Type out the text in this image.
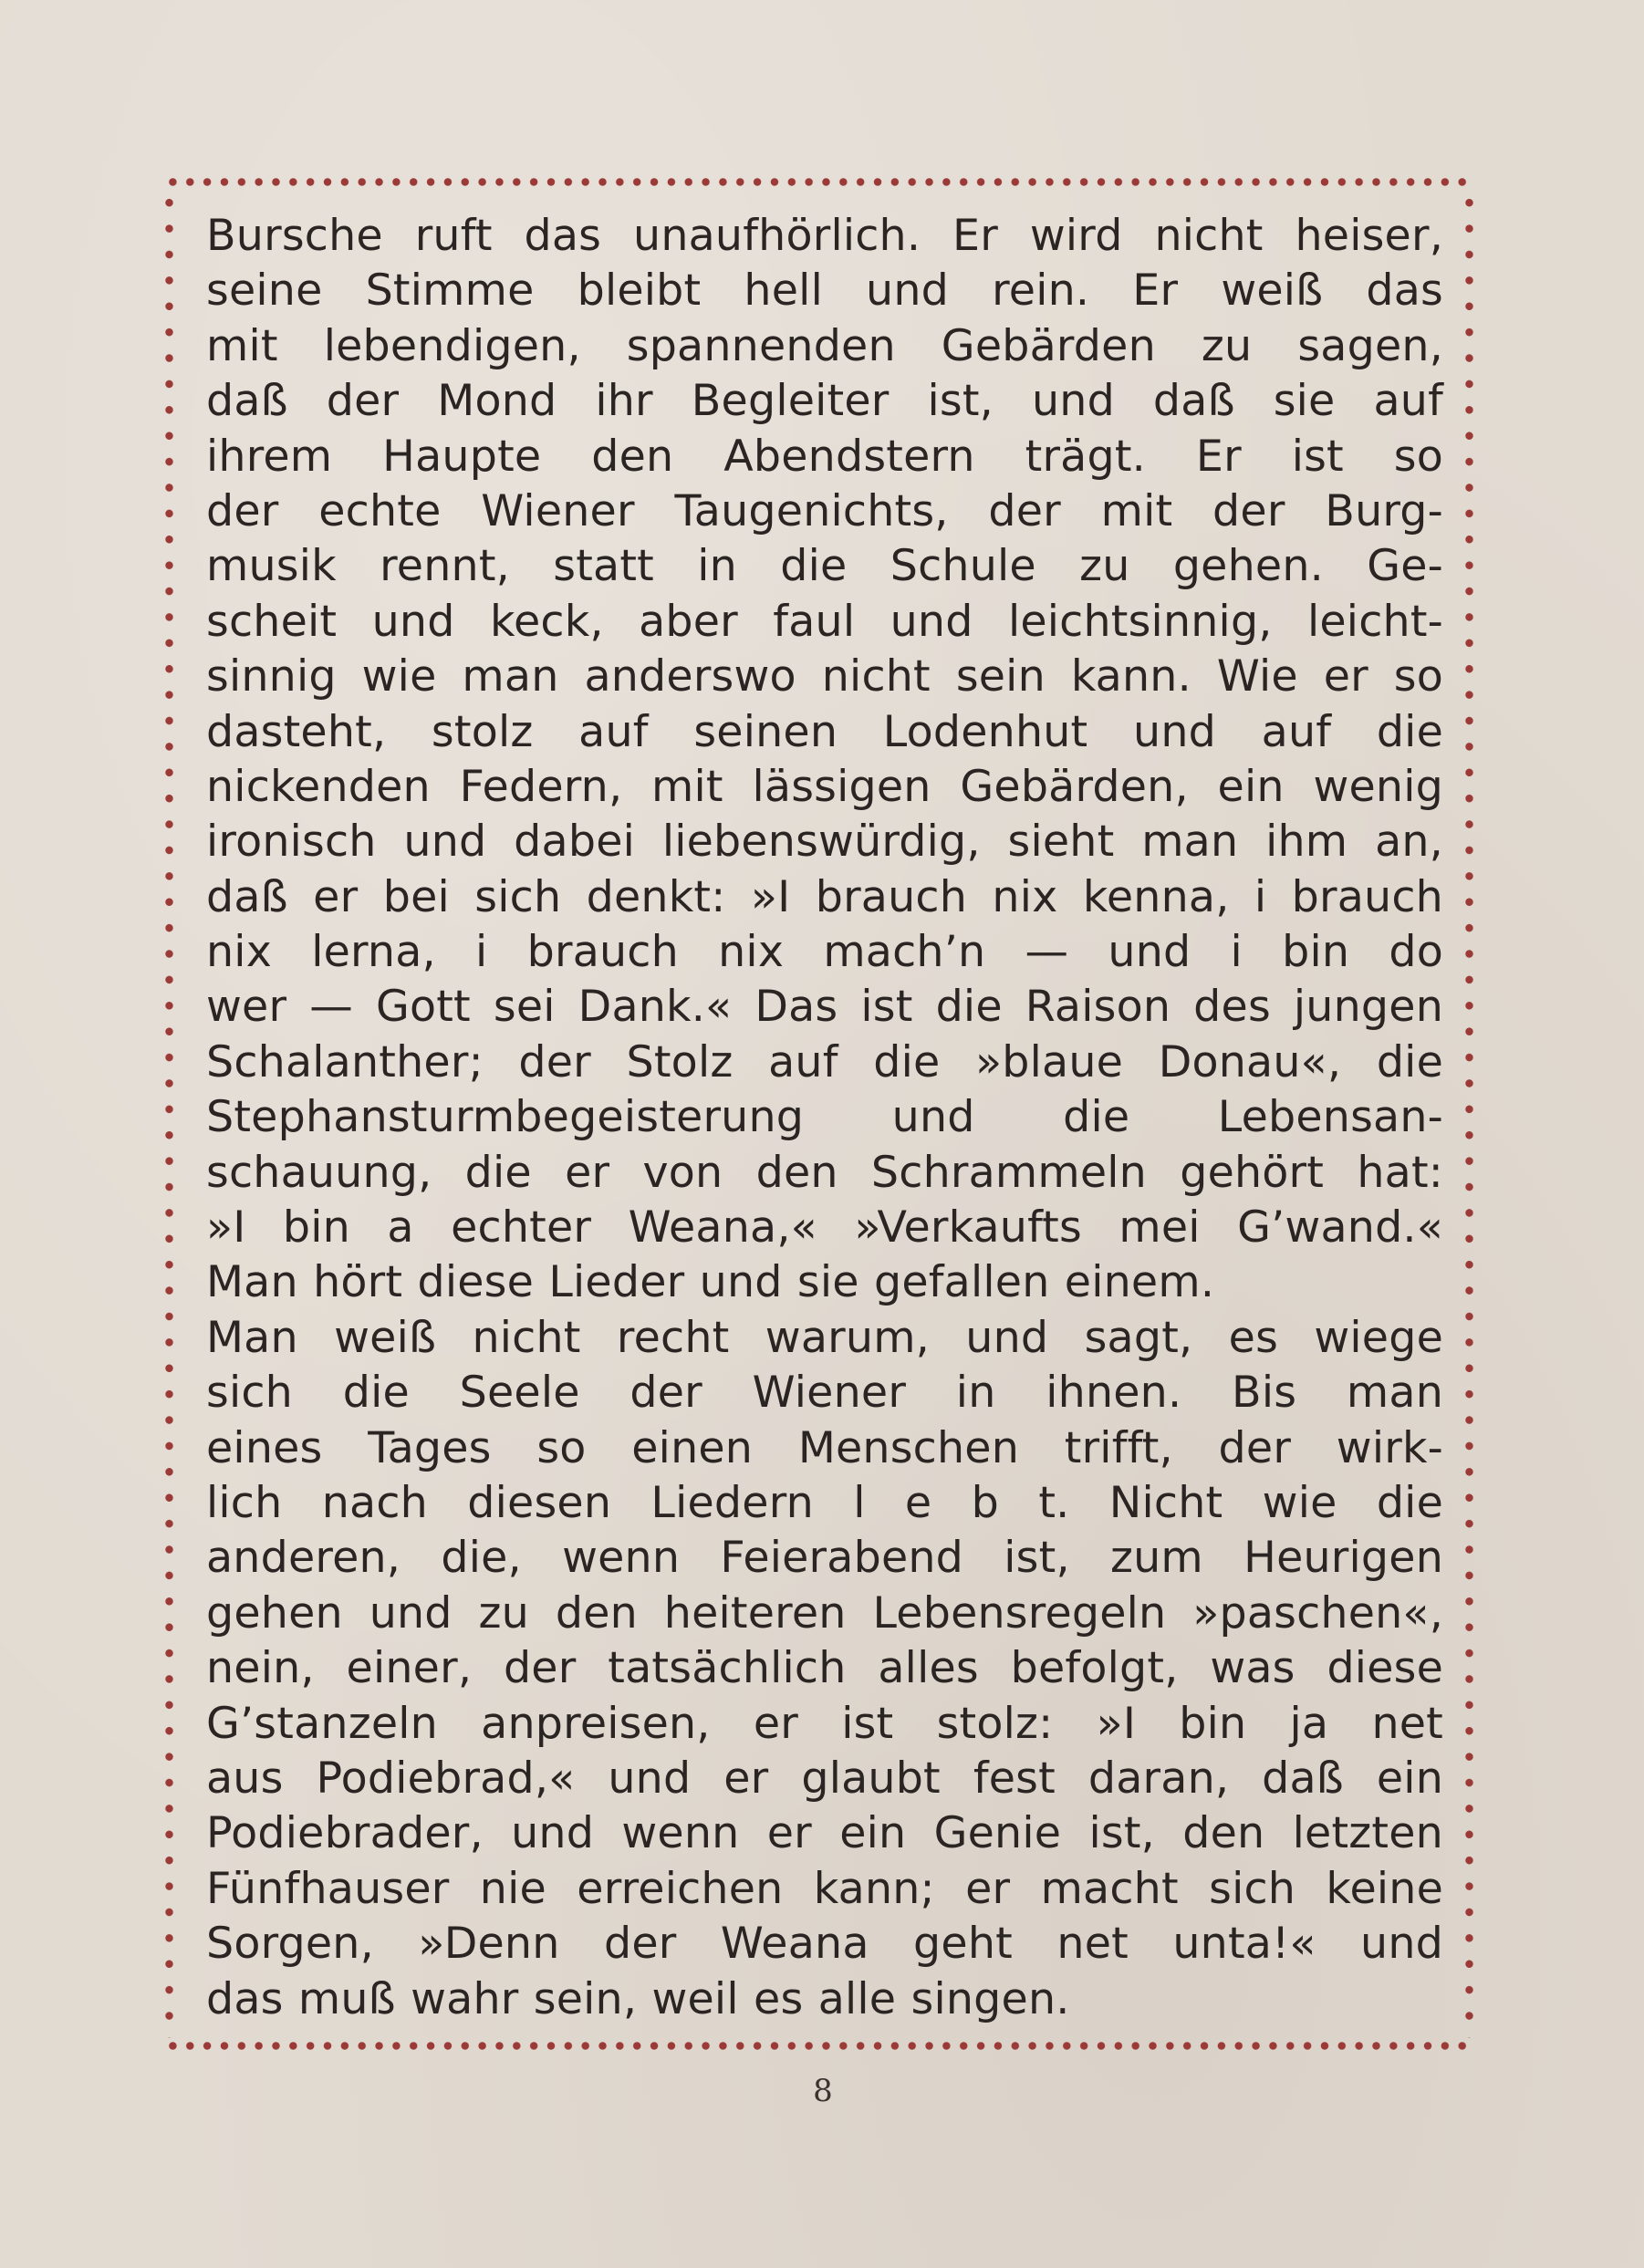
Bursche ruft das unaufhörlich. Er wird nicht heiser,
seine Stimme bleibt hell und rein. Er weiß das
mit lebendigen, spannenden Gebärden zu sagen,
daß der Mond ihr Begleiter ist, und daß sie auf
ihrem Haupte den Abendstern trägt. Er ist so
der echte Wiener Taugenichts, der mit der Burg-
musik rennt, statt in die Schule zu gehen. Ge-
scheit und keck, aber faul und leichtsinnig, leicht-
sinnig wie man anderswo nicht sein kann. Wie er so
dasteht, stolz auf seinen Lodenhut und auf die
nickenden Federn, mit lässigen Gebärden, ein wenig
ironisch und dabei liebenswürdig, sieht man ihm an,
daß er bei sich denkt: »I brauch nix kenna, i brauch
nix lerna, i brauch nix mach’n — und i bin do
wer — Gott sei Dank.« Das ist die Raison des jungen
Schalanther; der Stolz auf die »blaue Donau«, die
Stephansturmbegeisterung und die Lebensan-
schauung, die er von den Schrammeln gehört hat:
»I bin a echter Weana,« »Verkaufts mei G’wand.«
Man hört diese Lieder und sie gefallen einem.
Man weiß nicht recht warum, und sagt, es wiege
sich die Seele der Wiener in ihnen. Bis man
eines Tages so einen Menschen trifft, der wirk-
lich nach diesen Liedern l e b t. Nicht wie die
anderen, die, wenn Feierabend ist, zum Heurigen
gehen und zu den heiteren Lebensregeln »paschen«,
nein, einer, der tatsächlich alles befolgt, was diese
G’stanzeln anpreisen, er ist stolz: »I bin ja net
aus Podiebrad,« und er glaubt fest daran, daß ein
Podiebrader, und wenn er ein Genie ist, den letzten
Fünfhauser nie erreichen kann; er macht sich keine
Sorgen, »Denn der Weana geht net unta!« und
das muß wahr sein, weil es alle singen.
8
